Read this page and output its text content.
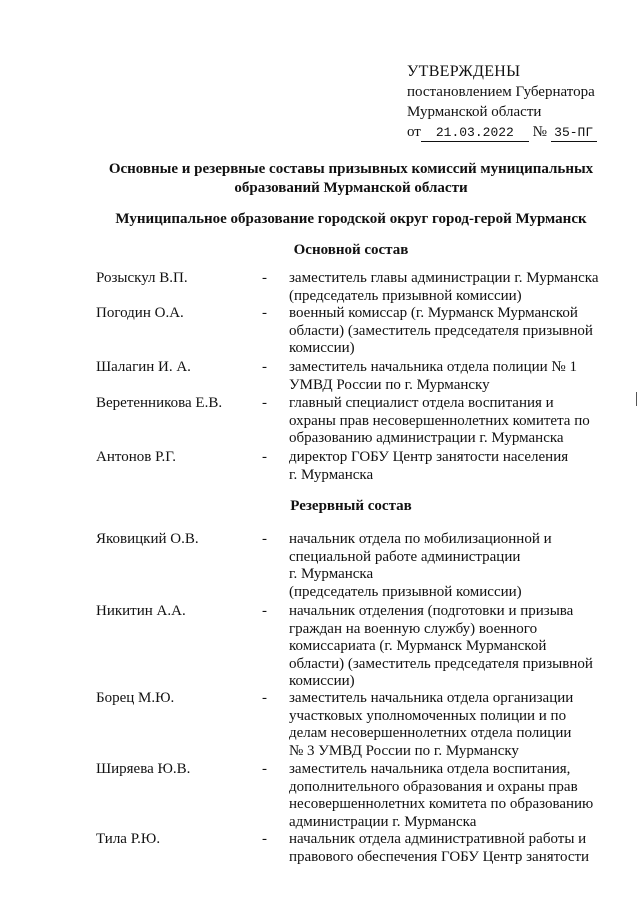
УТВЕРЖДЕНЫ
постановлением Губернатора
Мурманской области
от 21.03.2022 № 35-ПГ
Основные и резервные составы призывных комиссий муниципальных образований Мурманской области
Муниципальное образование городской округ город-герой Мурманск
Основной состав
Розыскул В.П.	- заместитель главы администрации г. Мурманска
(председатель призывной комиссии)
Погодин О.А.	- военный комиссар (г. Мурманск Мурманской
области) (заместитель председателя призывной
комиссии)
Шалагин И. А.	- заместитель начальника отдела полиции № 1
УМВД России по г. Мурманску
Веретенникова Е.В.	- главный специалист отдела воспитания и
охраны прав несовершеннолетних комитета по
образованию администрации г. Мурманска
Антонов Р.Г.	- директор ГОБУ Центр занятости населения
г. Мурманска
Резервный состав
Яковицкий О.В.	- начальник отдела по мобилизационной и
специальной работе администрации
г. Мурманска
(председатель призывной комиссии)
Никитин А.А.	- начальник отделения (подготовки и призыва
граждан на военную службу) военного
комиссариата (г. Мурманск Мурманской
области) (заместитель председателя призывной
комиссии)
Борец М.Ю.	- заместитель начальника отдела организации
участковых уполномоченных полиции и по
делам несовершеннолетних отдела полиции
№ 3 УМВД России по г. Мурманску
Ширяева Ю.В.	- заместитель начальника отдела воспитания,
дополнительного образования и охраны прав
несовершеннолетних комитета по образованию
администрации г. Мурманска
Тила Р.Ю.	- начальник отдела административной работы и
правового обеспечения ГОБУ Центр занятости
